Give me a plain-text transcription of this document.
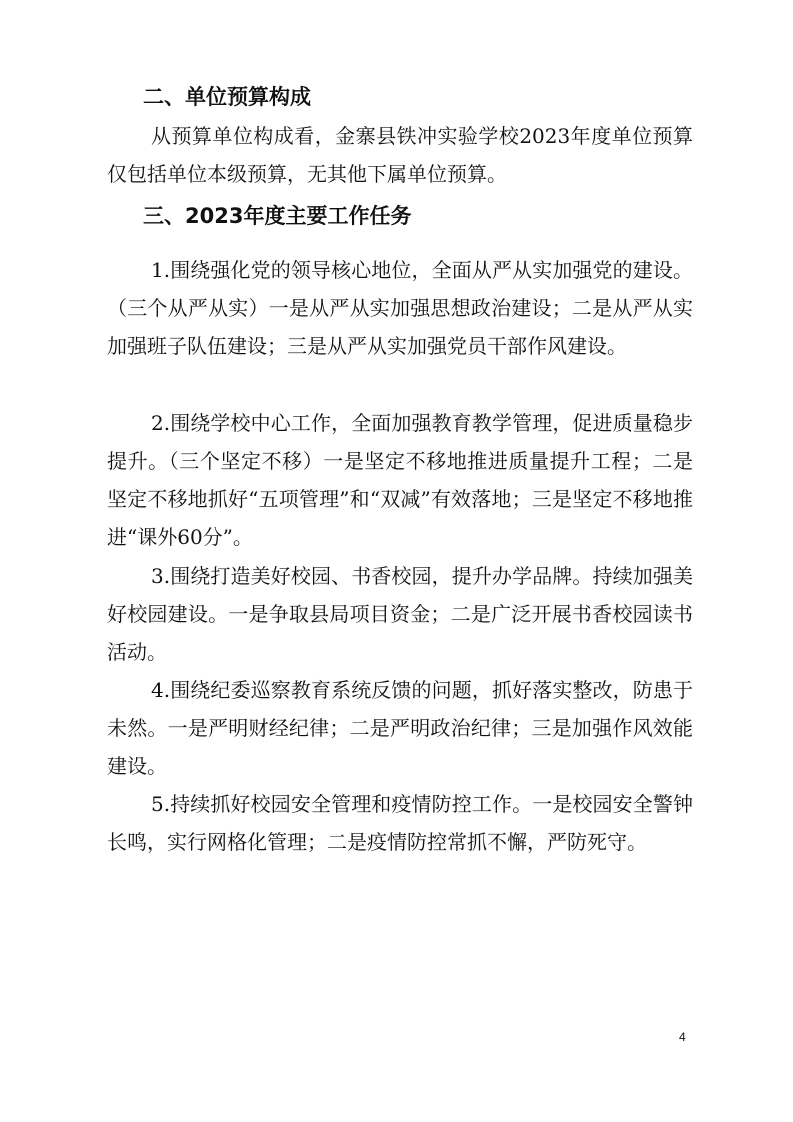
二、单位预算构成

从预算单位构成看，金寨县铁冲实验学校2023年度单位预算仅包括单位本级预算，无其他下属单位预算。

三、2023年度主要工作任务

1.围绕强化党的领导核心地位，全面从严从实加强党的建设。（三个从严从实）一是从严从实加强思想政治建设；二是从严从实加强班子队伍建设；三是从严从实加强党员干部作风建设。

2.围绕学校中心工作，全面加强教育教学管理，促进质量稳步提升。（三个坚定不移）一是坚定不移地推进质量提升工程；二是坚定不移地抓好“五项管理”和“双减”有效落地；三是坚定不移地推进“课外60分”。

3.围绕打造美好校园、书香校园，提升办学品牌。持续加强美好校园建设。一是争取县局项目资金；二是广泛开展书香校园读书活动。

4.围绕纪委巡察教育系统反馈的问题，抓好落实整改，防患于未然。一是严明财经纪律；二是严明政治纪律；三是加强作风效能建设。

5.持续抓好校园安全管理和疫情防控工作。一是校园安全警钟长鸣，实行网格化管理；二是疫情防控常抓不懈，严防死守。

4
